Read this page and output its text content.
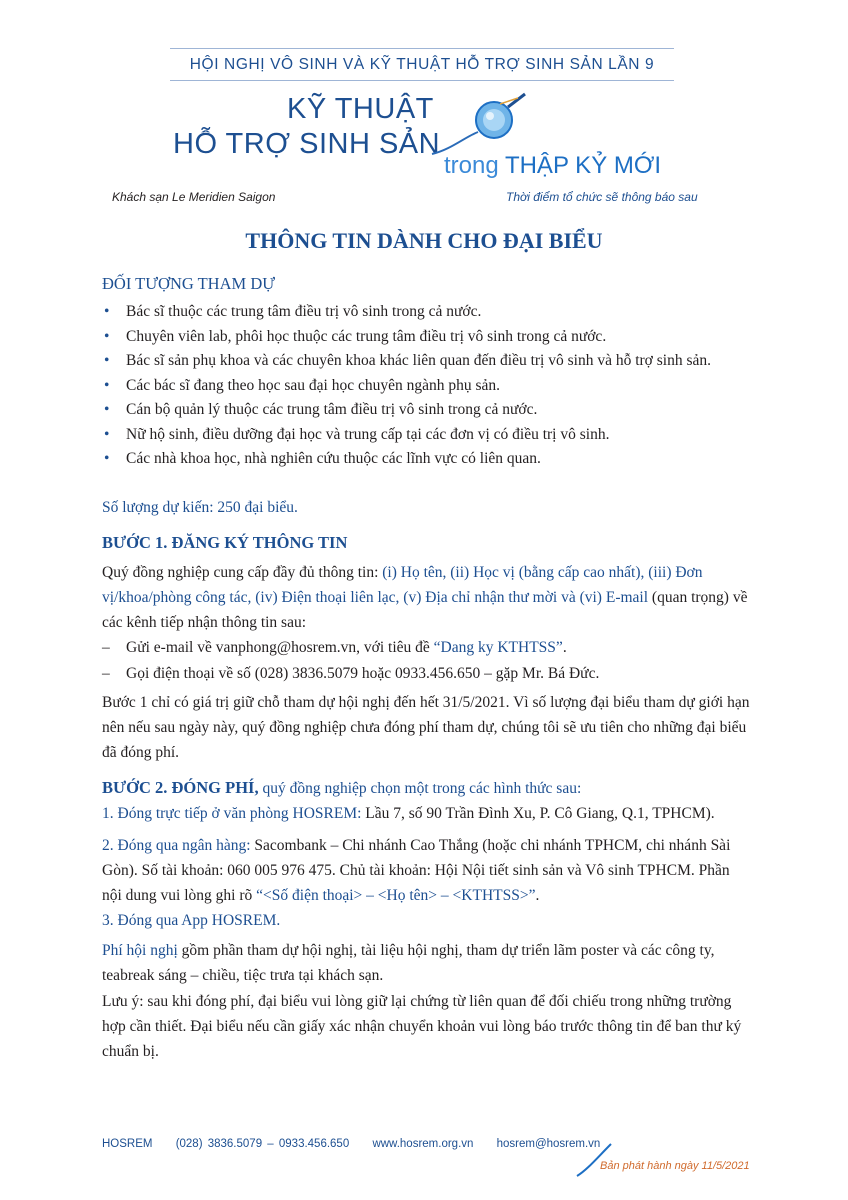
HỘI NGHỊ VÔ SINH VÀ KỸ THUẬT HỖ TRỢ SINH SẢN LẦN 9
KỸ THUẬT
HỖ TRỢ SINH SẢN
trong THẬP KỶ MỚI
Khách sạn Le Meridien Saigon	Thời điểm tổ chức sẽ thông báo sau
THÔNG TIN DÀNH CHO ĐẠI BIỂU
ĐỐI TƯỢNG THAM DỰ
• Bác sĩ thuộc các trung tâm điều trị vô sinh trong cả nước.
• Chuyên viên lab, phôi học thuộc các trung tâm điều trị vô sinh trong cả nước.
• Bác sĩ sản phụ khoa và các chuyên khoa khác liên quan đến điều trị vô sinh và hỗ trợ sinh sản.
• Các bác sĩ đang theo học sau đại học chuyên ngành phụ sản.
• Cán bộ quản lý thuộc các trung tâm điều trị vô sinh trong cả nước.
• Nữ hộ sinh, điều dưỡng đại học và trung cấp tại các đơn vị có điều trị vô sinh.
• Các nhà khoa học, nhà nghiên cứu thuộc các lĩnh vực có liên quan.
Số lượng dự kiến: 250 đại biểu.
BƯỚC 1. ĐĂNG KÝ THÔNG TIN
Quý đồng nghiệp cung cấp đầy đủ thông tin: (i) Họ tên, (ii) Học vị (bằng cấp cao nhất), (iii) Đơn vị/khoa/phòng công tác, (iv) Điện thoại liên lạc, (v) Địa chỉ nhận thư mời và (vi) E-mail (quan trọng) về các kênh tiếp nhận thông tin sau:
– Gửi e-mail về vanphong@hosrem.vn, với tiêu đề “Dang ky KTHTSS”.
– Gọi điện thoại về số (028) 3836.5079 hoặc 0933.456.650 – gặp Mr. Bá Đức.
Bước 1 chỉ có giá trị giữ chỗ tham dự hội nghị đến hết 31/5/2021. Vì số lượng đại biểu tham dự giới hạn nên nếu sau ngày này, quý đồng nghiệp chưa đóng phí tham dự, chúng tôi sẽ ưu tiên cho những đại biểu đã đóng phí.
BƯỚC 2. ĐÓNG PHÍ, quý đồng nghiệp chọn một trong các hình thức sau:
1. Đóng trực tiếp ở văn phòng HOSREM: Lầu 7, số 90 Trần Đình Xu, P. Cô Giang, Q.1, TPHCM).
2. Đóng qua ngân hàng: Sacombank – Chi nhánh Cao Thắng (hoặc chi nhánh TPHCM, chi nhánh Sài Gòn). Số tài khoản: 060 005 976 475. Chủ tài khoản: Hội Nội tiết sinh sản và Vô sinh TPHCM. Phần nội dung vui lòng ghi rõ “<Số điện thoại> – <Họ tên> – <KTHTSS>”.
3. Đóng qua App HOSREM.
Phí hội nghị gồm phần tham dự hội nghị, tài liệu hội nghị, tham dự triển lãm poster và các công ty, teabreak sáng – chiều, tiệc trưa tại khách sạn.
Lưu ý: sau khi đóng phí, đại biểu vui lòng giữ lại chứng từ liên quan để đối chiếu trong những trường hợp cần thiết. Đại biểu nếu cần giấy xác nhận chuyển khoản vui lòng báo trước thông tin để ban thư ký chuẩn bị.
HOSREM (028) 3836.5079 – 0933.456.650 www.hosrem.org.vn hosrem@hosrem.vn
Bản phát hành ngày 11/5/2021
